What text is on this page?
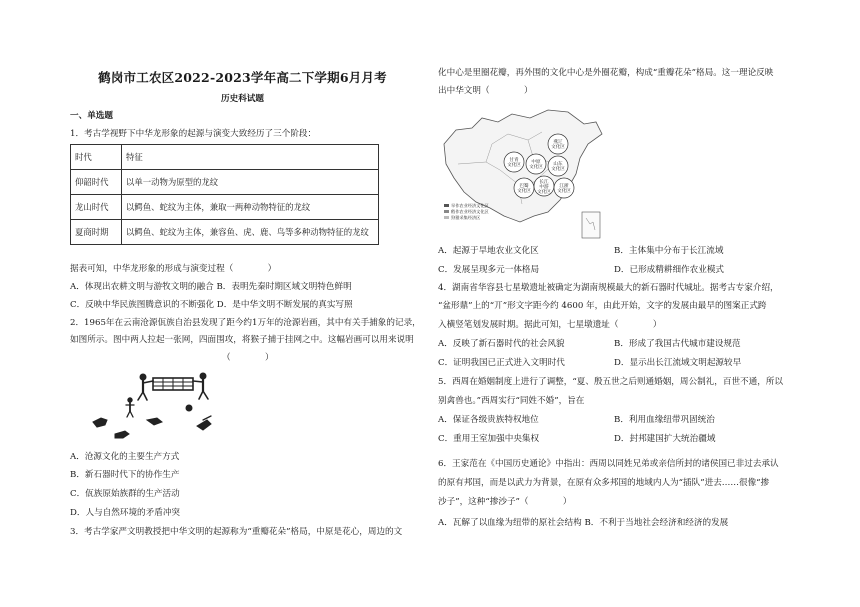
鹤岗市工农区2022-2023学年高二下学期6月月考
历史科试题
一、单选题
1．考古学视野下中华龙形象的起源与演变大致经历了三个阶段：
时代	特征
仰韶时代	以单一动物为原型的龙纹
龙山时代	以鳄鱼、蛇纹为主体，兼取一两种动物特征的龙纹
夏商时期	以鳄鱼、蛇纹为主体，兼容鱼、虎、鹿、鸟等多种动物特征的龙纹
据表可知，中华龙形象的形成与演变过程（　　　　）
A．体现出农耕文明与游牧文明的融合 B．表明先秦时期区域文明特色鲜明
C．反映中华民族图腾意识的不断强化 D．是中华文明不断发展的真实写照
2．1965年在云南沧源佤族自治县发现了距今约1万年的沧源岩画，其中有关手捕象的记录，
如图所示。图中两人拉起一张网，四面围攻，将猴子捕于挂网之中。这幅岩画可以用来说明
（　　　　）
A．沧源文化的主要生产方式
B．新石器时代下的协作生产
C．佤族原始族群的生产活动
D．人与自然环境的矛盾冲突
3．考古学家严文明教授把中华文明的起源称为“重瓣花朵”格局，中原是花心，周边的文
化中心是里圈花瓣，再外围的文化中心是外圈花瓣，构成“重瓣花朵”格局。这一理论反映
出中华文明（　　　　）
A．起源于旱地农业文化区	B．主体集中分布于长江流域
C．发展呈现多元一体格局	D．已形成精耕细作农业模式
4．湖南省华容县七星墩遗址被确定为湖南规模最大的新石器时代城址。据考古专家介绍，
“盆形鼎”上的“丌”形文字距今约 4600 年，由此开始，文字的发展由最早的图案正式跨
入横竖笔划发展时期。据此可知，七星墩遗址（　　　　）
A．反映了新石器时代的社会风貌	B．形成了我国古代城市建设规范
C．证明我国已正式进入文明时代	D．显示出长江流域文明起源较早
5．西周在婚姻制度上进行了调整，“夏、殷五世之后则通婚姻，周公制礼，百世不通，所以
别禽兽也。”西周实行“同姓不婚”，旨在
A．保证各级贵族特权地位	B．利用血缘纽带巩固统治
C．重用王室加强中央集权	D．封邦建国扩大统治疆域
6．王家范在《中国历史通论》中指出：西周以同姓兄弟或亲信所封的诸侯国已非过去承认
的原有邦国，而是以武力为背景，在原有众多邦国的地域内人为“插队”进去……很像“掺
沙子”，这种“掺沙子”（　　　　）
A．瓦解了以血缘为纽带的原社会结构 B．不利于当地社会经济和经济的发展
甘青
文化区
中原
文化区
燕辽
文化区
山东
文化区
巴蜀
文化区
长江
中游
文化区
江浙
文化区
旱作农业经济文化区
稻作农业经济文化区
狩猎采集经济区
